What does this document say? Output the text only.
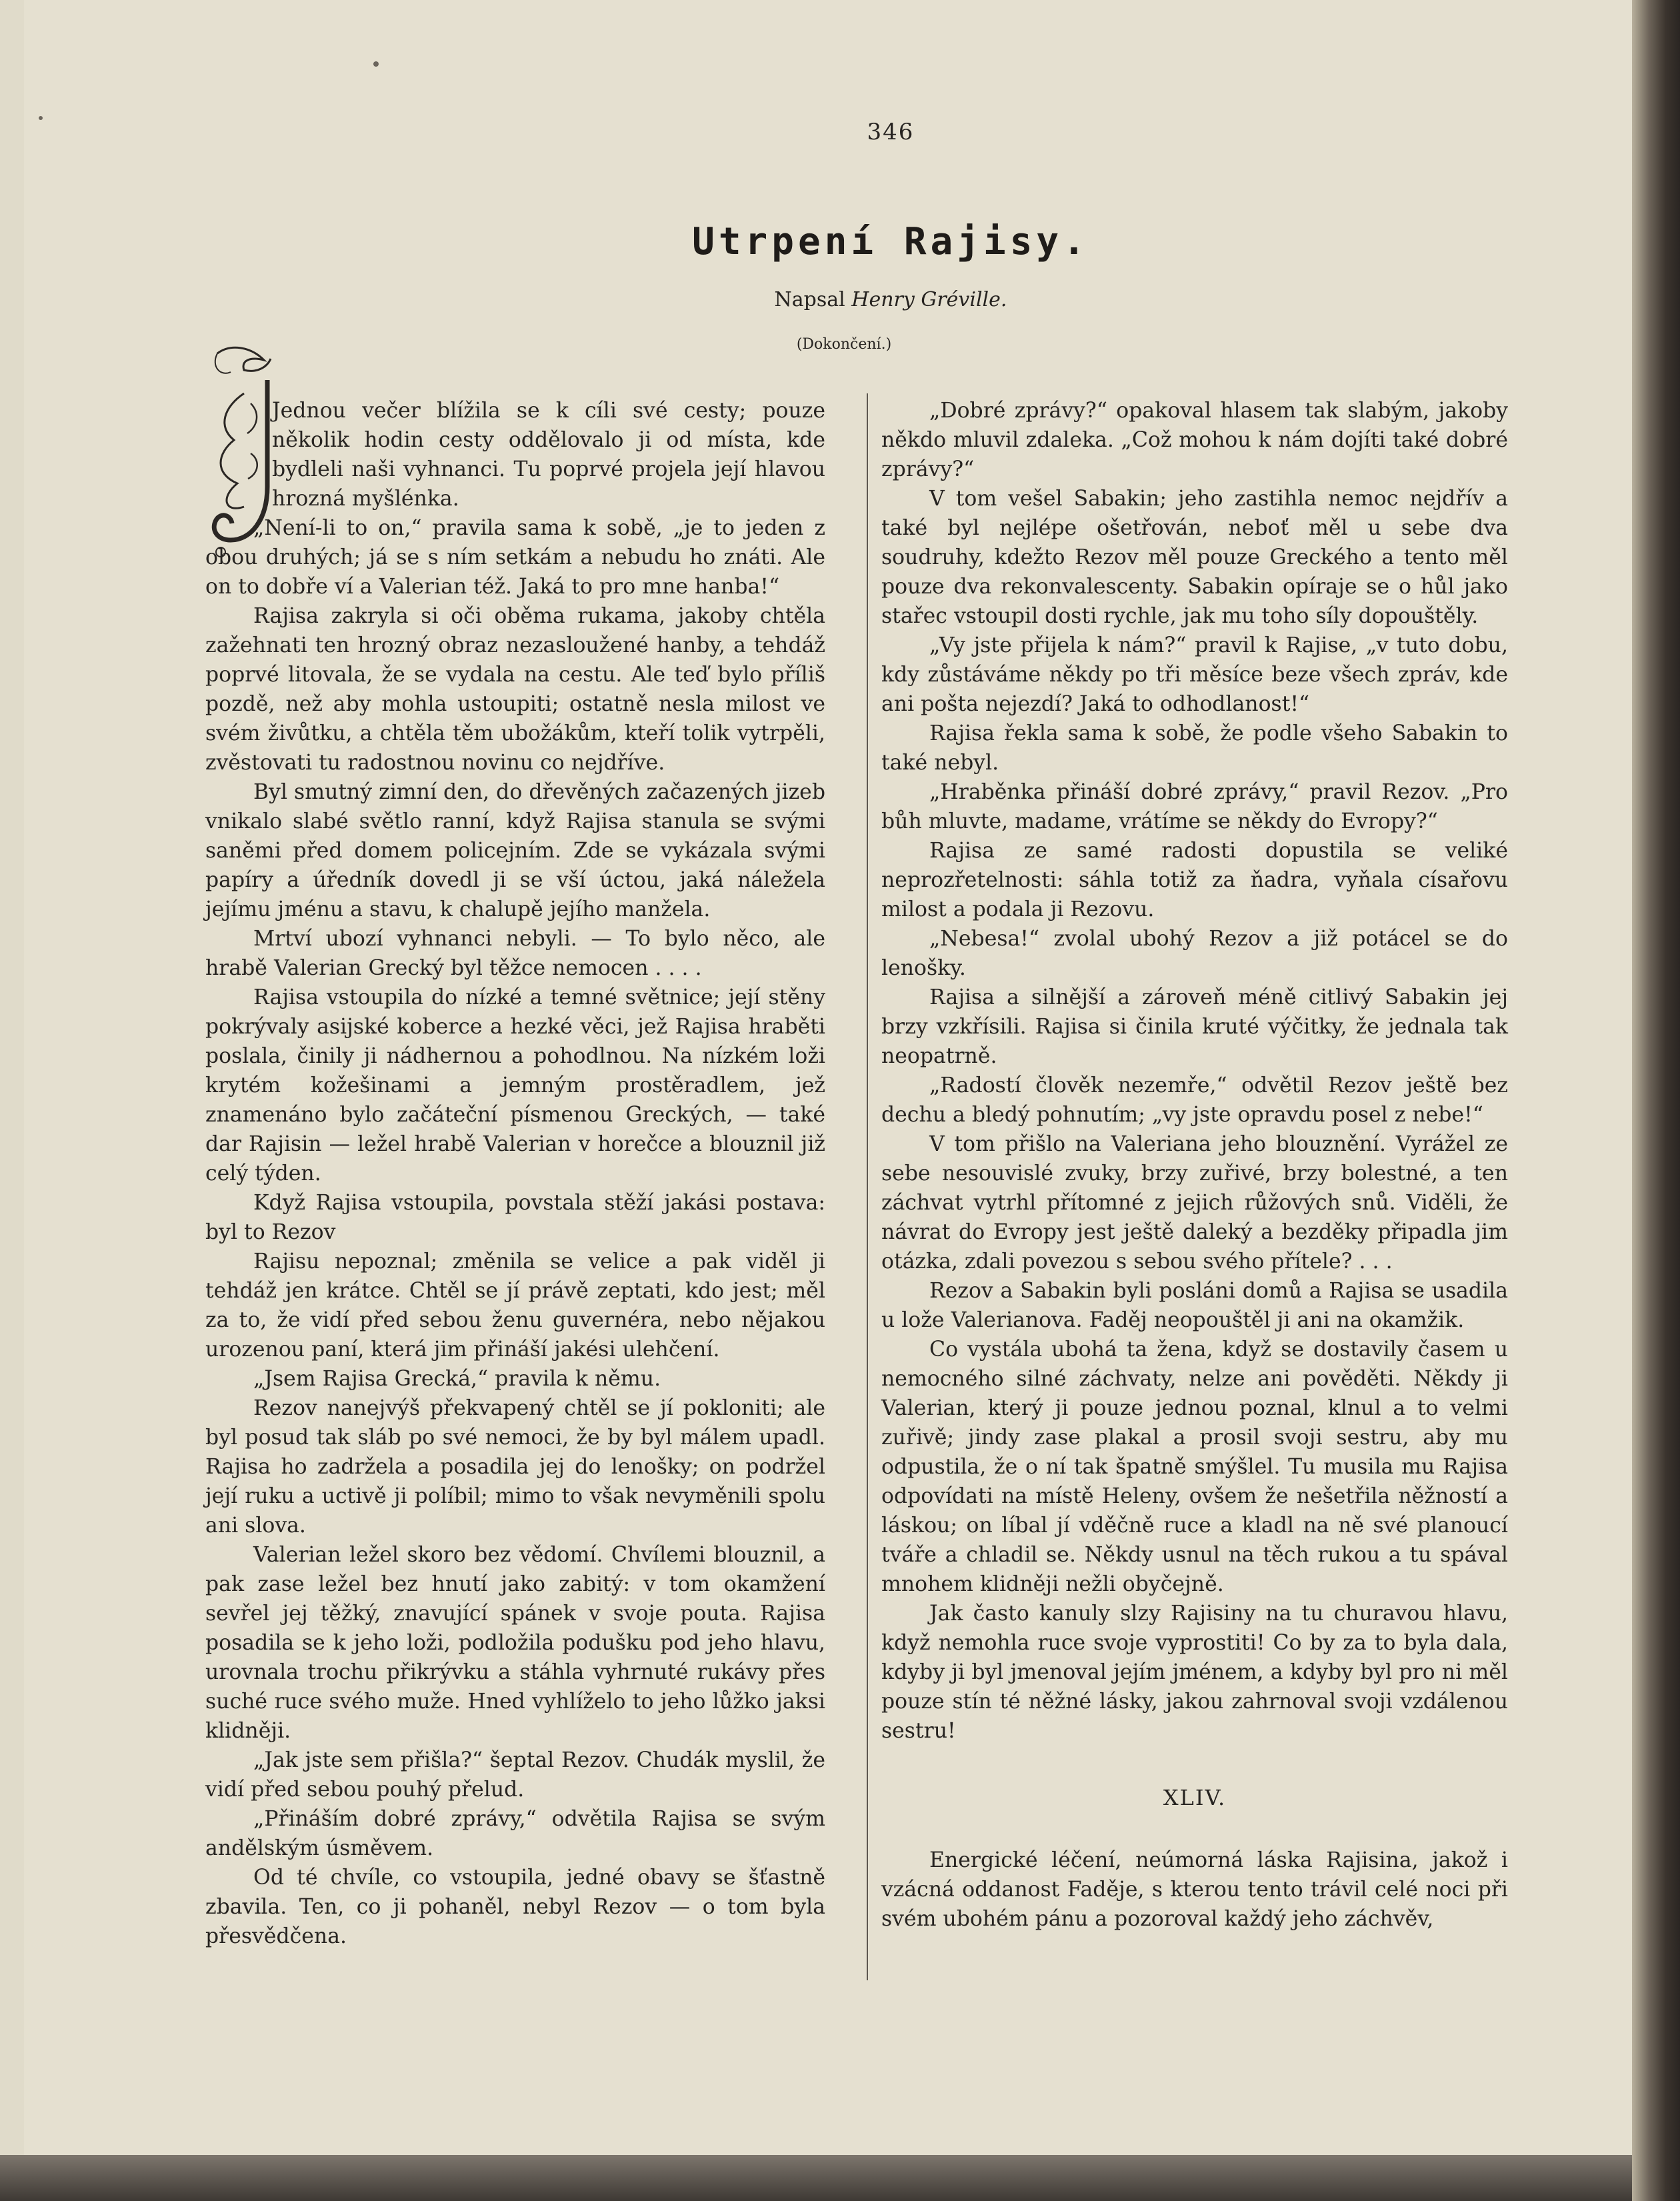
346
Utrpení Rajisy.
Napsal Henry Gréville.
(Dokončení.)

Jednou večer blížila se k cíli své cesty; pouze několik hodin cesty oddělovalo ji od místa, kde bydleli naši vyhnanci. Tu poprvé projela její hlavou hrozná myšlénka.

„Není-li to on,“ pravila sama k sobě, „je to jeden z obou druhých; já se s ním setkám a nebudu ho znáti. Ale on to dobře ví a Valerian též. Jaká to pro mne hanba!“

Rajisa zakryla si oči oběma rukama, jakoby chtěla zažehnati ten hrozný obraz nezasloužené hanby, a tehdáž poprvé litovala, že se vydala na cestu. Ale teď bylo příliš pozdě, než aby mohla ustoupiti; ostatně nesla milost ve svém živůtku, a chtěla těm ubožákům, kteří tolik vytrpěli, zvěstovati tu radostnou novinu co nejdříve.

Byl smutný zimní den, do dřevěných začazených jizeb vnikalo slabé světlo ranní, když Rajisa stanula se svými saněmi před domem policejním. Zde se vykázala svými papíry a úředník dovedl ji se vší úctou, jaká náležela jejímu jménu a stavu, k chalupě jejího manžela.

Mrtví ubozí vyhnanci nebyli. — To bylo něco, ale hrabě Valerian Grecký byl těžce nemocen . . . .

Rajisa vstoupila do nízké a temné světnice; její stěny pokrývaly asijské koberce a hezké věci, jež Rajisa hraběti poslala, činily ji nádhernou a pohodlnou. Na nízkém loži krytém kožešinami a jemným prostěradlem, jež znamenáno bylo začáteční písmenou Greckých, — také dar Rajisin — ležel hrabě Valerian v horečce a blouznil již celý týden.

Když Rajisa vstoupila, povstala stěží jakási postava: byl to Rezov

Rajisu nepoznal; změnila se velice a pak viděl ji tehdáž jen krátce. Chtěl se jí právě zeptati, kdo jest; měl za to, že vidí před sebou ženu guvernéra, nebo nějakou urozenou paní, která jim přináší jakési ulehčení.

„Jsem Rajisa Grecká,“ pravila k němu.

Rezov nanejvýš překvapený chtěl se jí pokloniti; ale byl posud tak sláb po své nemoci, že by byl málem upadl. Rajisa ho zadržela a posadila jej do lenošky; on podržel její ruku a uctivě ji políbil; mimo to však nevyměnili spolu ani slova.

Valerian ležel skoro bez vědomí. Chvílemi blouznil, a pak zase ležel bez hnutí jako zabitý: v tom okamžení sevřel jej těžký, znavující spánek v svoje pouta. Rajisa posadila se k jeho loži, podložila podušku pod jeho hlavu, urovnala trochu přikrývku a stáhla vyhrnuté rukávy přes suché ruce svého muže. Hned vyhlíželo to jeho lůžko jaksi klidněji.

„Jak jste sem přišla?“ šeptal Rezov. Chudák myslil, že vidí před sebou pouhý přelud.

„Přináším dobré zprávy,“ odvětila Rajisa se svým andělským úsměvem.

Od té chvíle, co vstoupila, jedné obavy se šťastně zbavila. Ten, co ji pohaněl, nebyl Rezov — o tom byla přesvědčena.

„Dobré zprávy?“ opakoval hlasem tak slabým, jakoby někdo mluvil zdaleka. „Což mohou k nám dojíti také dobré zprávy?“

V tom vešel Sabakin; jeho zastihla nemoc nejdřív a také byl nejlépe ošetřován, neboť měl u sebe dva soudruhy, kdežto Rezov měl pouze Greckého a tento měl pouze dva rekonvalescenty. Sabakin opíraje se o hůl jako stařec vstoupil dosti rychle, jak mu toho síly dopouštěly.

„Vy jste přijela k nám?“ pravil k Rajise, „v tuto dobu, kdy zůstáváme někdy po tři měsíce beze všech zpráv, kde ani pošta nejezdí? Jaká to odhodlanost!“

Rajisa řekla sama k sobě, že podle všeho Sabakin to také nebyl.

„Hraběnka přináší dobré zprávy,“ pravil Rezov. „Pro bůh mluvte, madame, vrátíme se někdy do Evropy?“

Rajisa ze samé radosti dopustila se veliké neprozřetelnosti: sáhla totiž za ňadra, vyňala císařovu milost a podala ji Rezovu.

„Nebesa!“ zvolal ubohý Rezov a již potácel se do lenošky.

Rajisa a silnější a zároveň méně citlivý Sabakin jej brzy vzkřísili. Rajisa si činila kruté výčitky, že jednala tak neopatrně.

„Radostí člověk nezemře,“ odvětil Rezov ještě bez dechu a bledý pohnutím; „vy jste opravdu posel z nebe!“

V tom přišlo na Valeriana jeho blouznění. Vyrážel ze sebe nesouvislé zvuky, brzy zuřivé, brzy bolestné, a ten záchvat vytrhl přítomné z jejich růžových snů. Viděli, že návrat do Evropy jest ještě daleký a bezděky připadla jim otázka, zdali povezou s sebou svého přítele? . . .

Rezov a Sabakin byli posláni domů a Rajisa se usadila u lože Valerianova. Faděj neopouštěl ji ani na okamžik.

Co vystála ubohá ta žena, když se dostavily časem u nemocného silné záchvaty, nelze ani pověděti. Někdy ji Valerian, který ji pouze jednou poznal, klnul a to velmi zuřivě; jindy zase plakal a prosil svoji sestru, aby mu odpustila, že o ní tak špatně smýšlel. Tu musila mu Rajisa odpovídati na místě Heleny, ovšem že nešetřila něžností a láskou; on líbal jí vděčně ruce a kladl na ně své planoucí tváře a chladil se. Někdy usnul na těch rukou a tu spával mnohem klidněji nežli obyčejně.

Jak často kanuly slzy Rajisiny na tu churavou hlavu, když nemohla ruce svoje vyprostiti! Co by za to byla dala, kdyby ji byl jmenoval jejím jménem, a kdyby byl pro ni měl pouze stín té něžné lásky, jakou zahrnoval svoji vzdálenou sestru!

XLIV.

Energické léčení, neúmorná láska Rajisina, jakož i vzácná oddanost Faděje, s kterou tento trávil celé noci při svém ubohém pánu a pozoroval každý jeho záchvěv,
